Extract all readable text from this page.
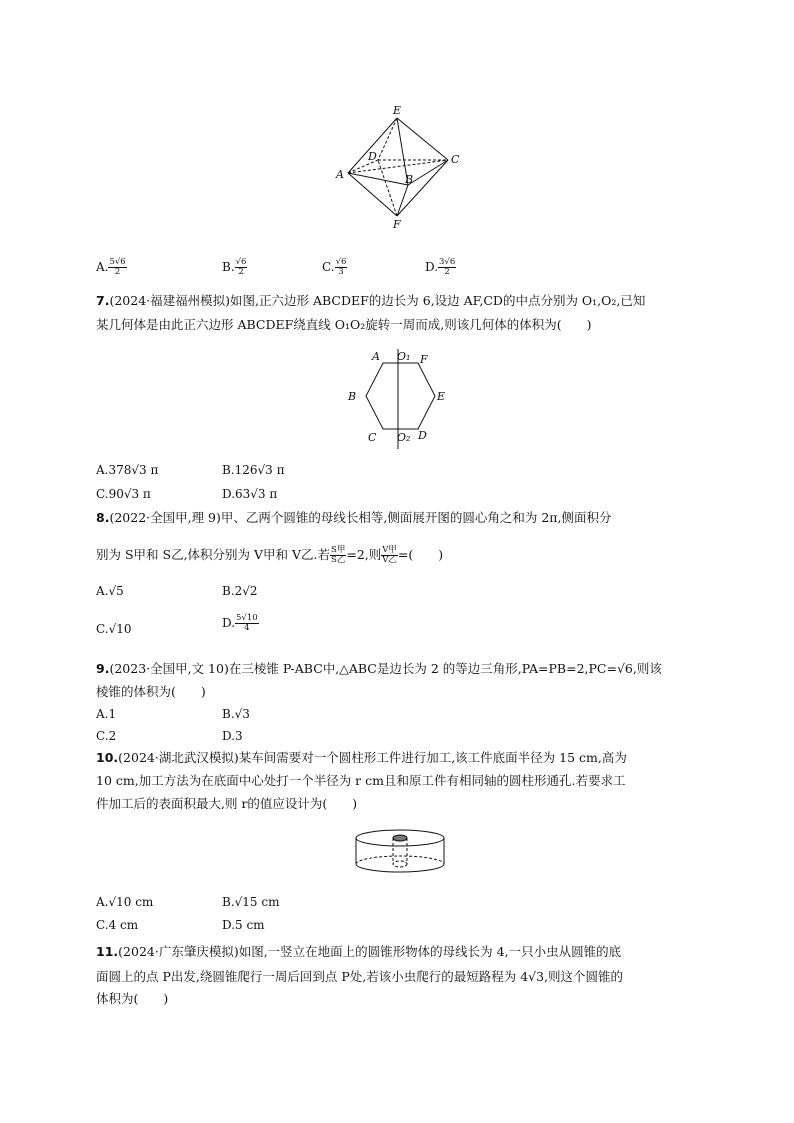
E
D	C
A	B
F
A. $\frac{5√6}{2}$	B. $\frac{√6}{2}$	C. $\frac{√6}{3}$	D. $\frac{3√6}{2}$
7.(2024·福建福州模拟)如图,正六边形 ABCDEF的边长为 6,设边 AF,CD的中点分别为 O₁,O₂,已知
某几何体是由此正六边形 ABCDEF绕直线 O₁O₂旋转一周而成,则该几何体的体积为(　　)
A O₁ F
B	E
C O₂ D
A.378√3 π	B.126√3 π
C.90√3 π	D.63√3 π
8.(2022·全国甲,理 9)甲、乙两个圆锥的母线长相等,侧面展开图的圆心角之和为 2π,侧面积分
别为 S甲和 S乙,体积分别为 V甲和 V乙.若 $\frac{\text{S甲}}{\text{S乙}} =2$,则 $\frac{\text{V甲}}{\text{V乙}}$ =(　　)
A.√5	B.2√2
C.√10	D. $\frac{5√10}{4}$
9.(2023·全国甲,文 10)在三棱锥 P-ABC中,△ABC是边长为 2 的等边三角形,PA=PB=2,PC=√6,则该
棱锥的体积为(　　)
A.1	B.√3
C.2	D.3
10.(2024·湖北武汉模拟)某车间需要对一个圆柱形工件进行加工,该工件底面半径为 15 cm,高为
10 cm,加工方法为在底面中心处打一个半径为 r cm且和原工件有相同轴的圆柱形通孔.若要求工
件加工后的表面积最大,则 r的值应设计为(　　)
A.√10 cm	B.√15 cm
C.4 cm	D.5 cm
11.(2024·广东肇庆模拟)如图,一竖立在地面上的圆锥形物体的母线长为 4,一只小虫从圆锥的底
面圆上的点 P出发,绕圆锥爬行一周后回到点 P处,若该小虫爬行的最短路程为 4√3,则这个圆锥的
体积为(　　)
